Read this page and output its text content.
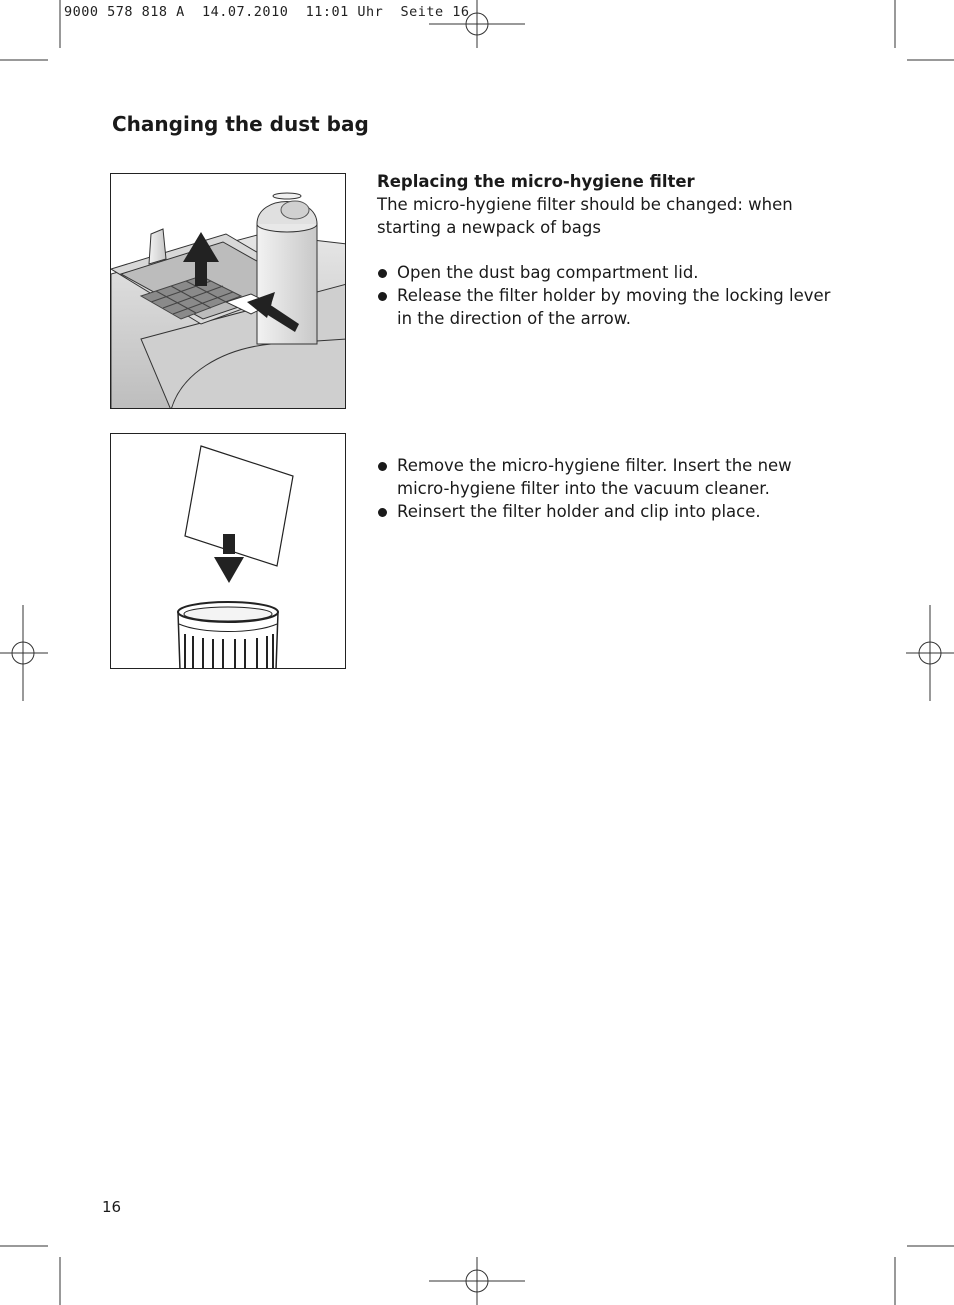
9000 578 818 A  14.07.2010  11:01 Uhr  Seite 16
Changing the dust bag

Replacing the micro-hygiene filter

The micro-hygiene filter should be changed: when starting a newpack of bags

Open the dust bag compartment lid.
Release the filter holder by moving the locking lever in the direction of the arrow.
Remove the micro-hygiene filter. Insert the new micro-hygiene filter into the vacuum cleaner.
Reinsert the filter holder and clip into place.
16
